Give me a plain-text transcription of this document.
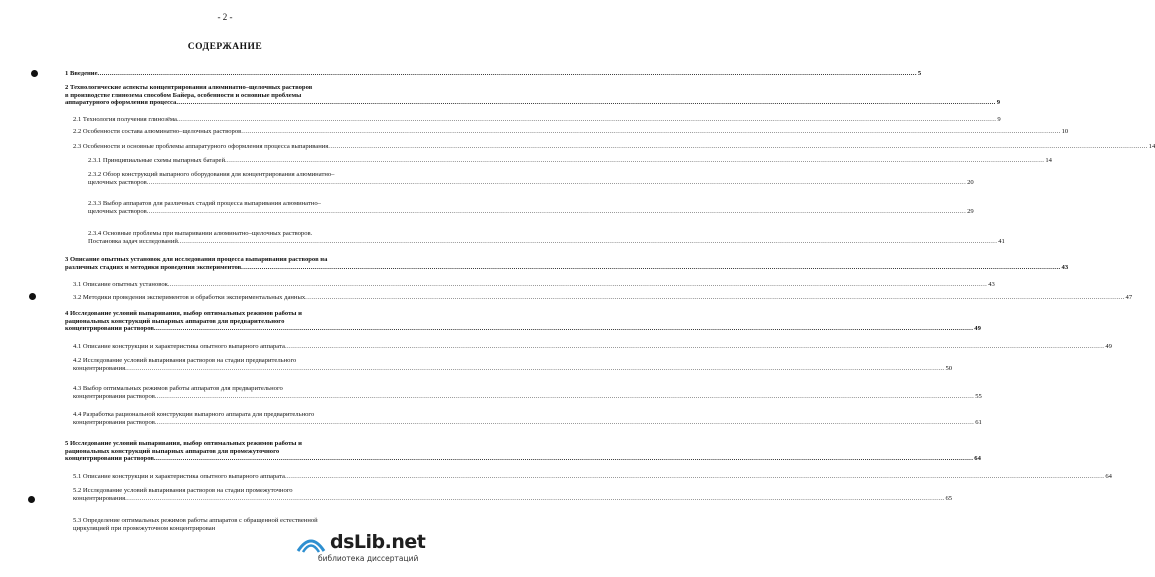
- 2 -
СОДЕРЖАНИЕ
1 Введение ................................................................................................................................................................................................................................................................................................................................................................................................................ 5
2 Технологические аспекты концентрирования алюминатно–щелочных растворов
в производстве глинозема способом Байера, особенности и основные проблемы
аппаратурного оформления процесса ................................................................................................................................................................................................................................................................................................................................................................................................................ 9
2.1 Технология получения глинозёма ................................................................................................................................................................................................................................................................................................................................................................................................................ 9
2.2 Особенности состава алюминатно–щелочных растворов ................................................................................................................................................................................................................................................................................................................................................................................................................ 10
2.3 Особенности и основные проблемы аппаратурного оформления процесса выпаривания ................................................................................................................................................................................................................................................................................................................................................................................................................ 14
2.3.1 Принципиальные схемы выпарных батарей ................................................................................................................................................................................................................................................................................................................................................................................................................ 14
2.3.2 Обзор конструкций выпарного оборудования для концентрирования алюминатно–
щелочных растворов ................................................................................................................................................................................................................................................................................................................................................................................................................ 20
2.3.3 Выбор аппаратов для различных стадий процесса выпаривания алюминатно–
щелочных растворов ................................................................................................................................................................................................................................................................................................................................................................................................................ 29
2.3.4 Основные проблемы при выпаривании алюминатно–щелочных растворов.
Постановка задач исследований ................................................................................................................................................................................................................................................................................................................................................................................................................ 41
3 Описание опытных установок для исследования процесса выпаривания растворов на
различных стадиях и методики проведения экспериментов ................................................................................................................................................................................................................................................................................................................................................................................................................ 43
3.1 Описание опытных установок ................................................................................................................................................................................................................................................................................................................................................................................................................ 43
3.2 Методики проведения экспериментов и обработки экспериментальных данных ................................................................................................................................................................................................................................................................................................................................................................................................................ 47
4 Исследование условий выпаривания, выбор оптимальных режимов работы и
рациональных конструкций выпарных аппаратов для предварительного
концентрирования растворов ................................................................................................................................................................................................................................................................................................................................................................................................................ 49
4.1 Описание конструкции и характеристика опытного выпарного аппарата ................................................................................................................................................................................................................................................................................................................................................................................................................ 49
4.2 Исследование условий выпаривания растворов на стадии предварительного
концентрирования ................................................................................................................................................................................................................................................................................................................................................................................................................ 50
4.3 Выбор оптимальных режимов работы аппаратов для предварительного
концентрирования растворов ................................................................................................................................................................................................................................................................................................................................................................................................................ 55
4.4 Разработка рациональной конструкции выпарного аппарата для предварительного
концентрирования растворов ................................................................................................................................................................................................................................................................................................................................................................................................................ 61
5 Исследование условий выпаривания, выбор оптимальных режимов работы и
рациональных конструкций выпарных аппаратов для промежуточного
концентрирования растворов ................................................................................................................................................................................................................................................................................................................................................................................................................ 64
5.1 Описание конструкции и характеристика опытного выпарного аппарата ................................................................................................................................................................................................................................................................................................................................................................................................................ 64
5.2 Исследование условий выпаривания растворов на стадии промежуточного
концентрирования ................................................................................................................................................................................................................................................................................................................................................................................................................ 65
5.3 Определение оптимальных режимов работы аппаратов с обращенной естественной
циркуляцией при промежуточном концентрирован
dsLib.net
библиотека диссертаций
